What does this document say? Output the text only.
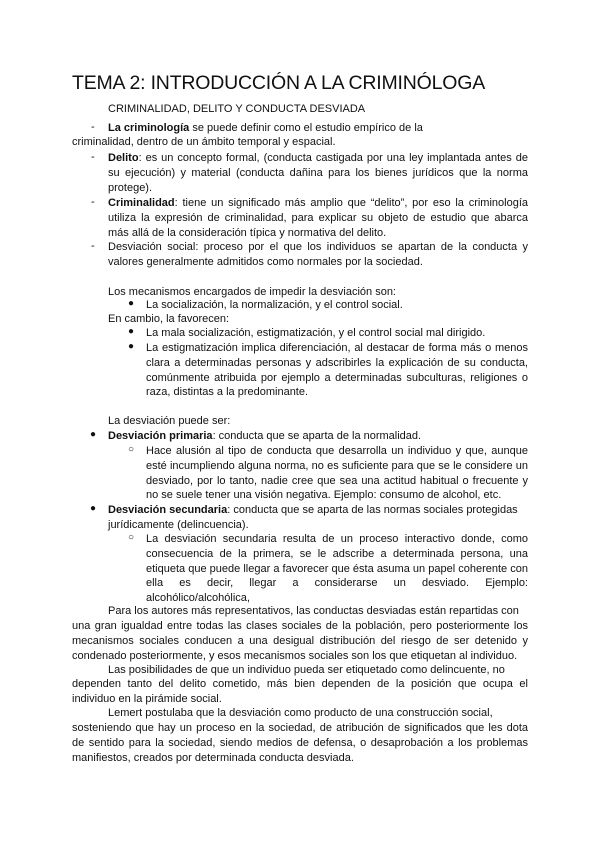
TEMA 2: INTRODUCCIÓN A LA CRIMINÓLOGA
CRIMINALIDAD, DELITO Y CONDUCTA DESVIADA
- La criminología se puede definir como el estudio empírico de la
criminalidad, dentro de un ámbito temporal y espacial.
- Delito: es un concepto formal, (conducta castigada por una ley implantada antes de su ejecución) y material (conducta dañina para los bienes jurídicos que la norma protege).
- Criminalidad: tiene un significado más amplio que “delito”, por eso la criminología utiliza la expresión de criminalidad, para explicar su objeto de estudio que abarca más allá de la consideración típica y normativa del delito.
- Desviación social: proceso por el que los individuos se apartan de la conducta y valores generalmente admitidos como normales por la sociedad.
Los mecanismos encargados de impedir la desviación son:
● La socialización, la normalización, y el control social.
En cambio, la favorecen:
● La mala socialización, estigmatización, y el control social mal dirigido.
● La estigmatización implica diferenciación, al destacar de forma más o menos clara a determinadas personas y adscribirles la explicación de su conducta, comúnmente atribuida por ejemplo a determinadas subculturas, religiones o raza, distintas a la predominante.
La desviación puede ser:
● Desviación primaria: conducta que se aparta de la normalidad.
○ Hace alusión al tipo de conducta que desarrolla un individuo y que, aunque esté incumpliendo alguna norma, no es suficiente para que se le considere un desviado, por lo tanto, nadie cree que sea una actitud habitual o frecuente y no se suele tener una visión negativa. Ejemplo: consumo de alcohol, etc.
● Desviación secundaria: conducta que se aparta de las normas sociales protegidas jurídicamente (delincuencia).
○ La desviación secundaria resulta de un proceso interactivo donde, como consecuencia de la primera, se le adscribe a determinada persona, una etiqueta que puede llegar a favorecer que ésta asuma un papel coherente con ella es decir, llegar a considerarse un desviado. Ejemplo: alcohólico/alcohólica,
Para los autores más representativos, las conductas desviadas están repartidas con
una gran igualdad entre todas las clases sociales de la población, pero posteriormente los mecanismos sociales conducen a una desigual distribución del riesgo de ser detenido y condenado posteriormente, y esos mecanismos sociales son los que etiquetan al individuo.
Las posibilidades de que un individuo pueda ser etiquetado como delincuente, no
dependen tanto del delito cometido, más bien dependen de la posición que ocupa el individuo en la pirámide social.
Lemert postulaba que la desviación como producto de una construcción social,
sosteniendo que hay un proceso en la sociedad, de atribución de significados que les dota de sentido para la sociedad, siendo medios de defensa, o desaprobación a los problemas manifiestos, creados por determinada conducta desviada.
